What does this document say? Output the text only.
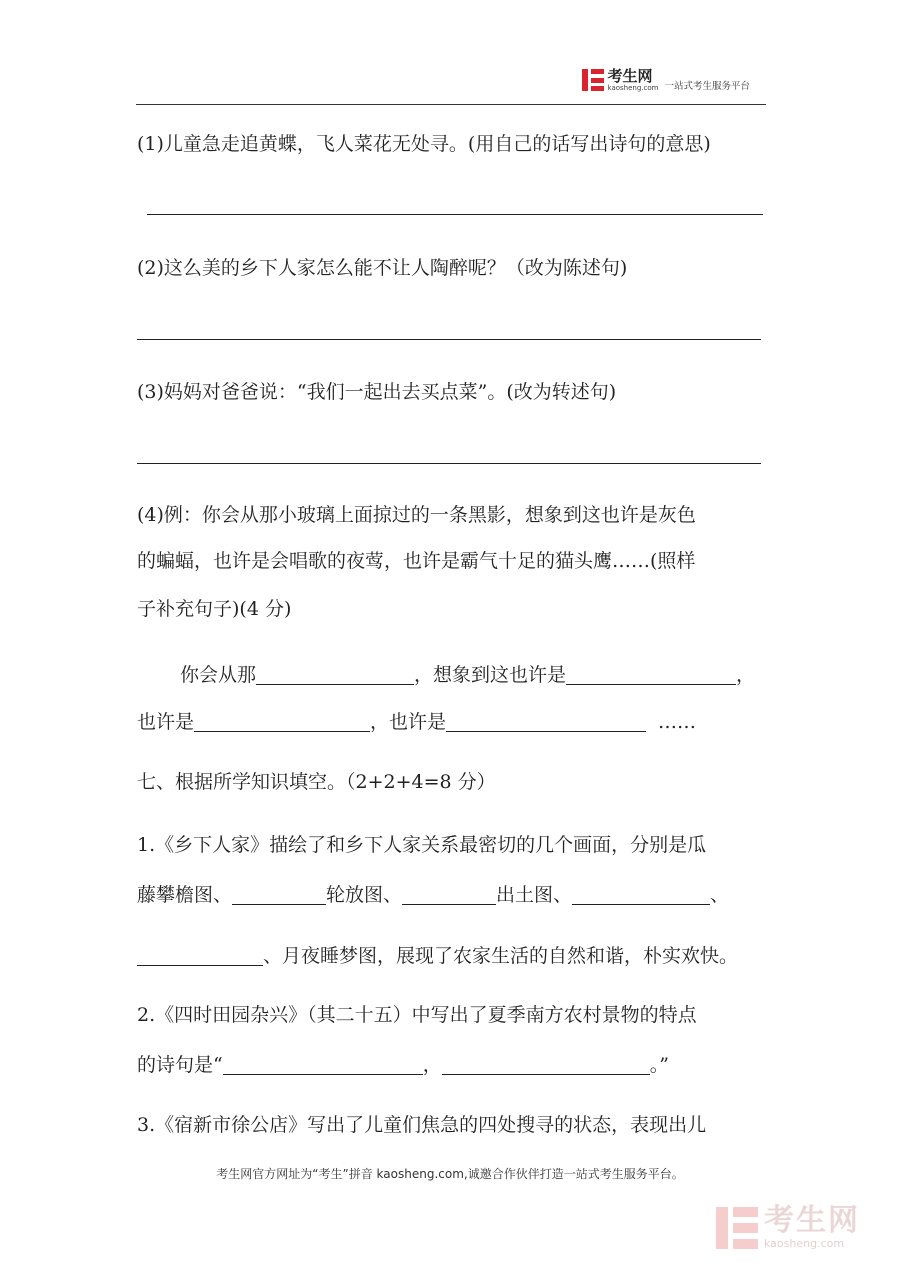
考生网
kaosheng.com 一站式考生服务平台
(1)儿童急走追黄蝶，飞人菜花无处寻。(用自己的话写出诗句的意思)
(2)这么美的乡下人家怎么能不让人陶醉呢？（改为陈述句)
(3)妈妈对爸爸说：“我们一起出去买点菜”。(改为转述句)
(4)例：你会从那小玻璃上面掠过的一条黑影，想象到这也许是灰色
的蝙蝠，也许是会唱歌的夜莺，也许是霸气十足的猫头鹰……(照样
子补充句子)(4 分)
你会从那	，想象到这也许是	，
也许是	，也许是	……
七、根据所学知识填空。（2+2+4=8 分）
1.《乡下人家》描绘了和乡下人家关系最密切的几个画面，分别是瓜
藤攀檐图、	轮放图、	出土图、	、
、月夜睡梦图，展现了农家生活的自然和谐，朴实欢快。
2.《四时田园杂兴》（其二十五）中写出了夏季南方农村景物的特点
的诗句是“	，	。”
3.《宿新市徐公店》写出了儿童们焦急的四处搜寻的状态，表现出儿
考生网官方网址为“考生”拼音 kaosheng.com,诚邀合作伙伴打造一站式考生服务平台。
考生网
kaosheng.com
